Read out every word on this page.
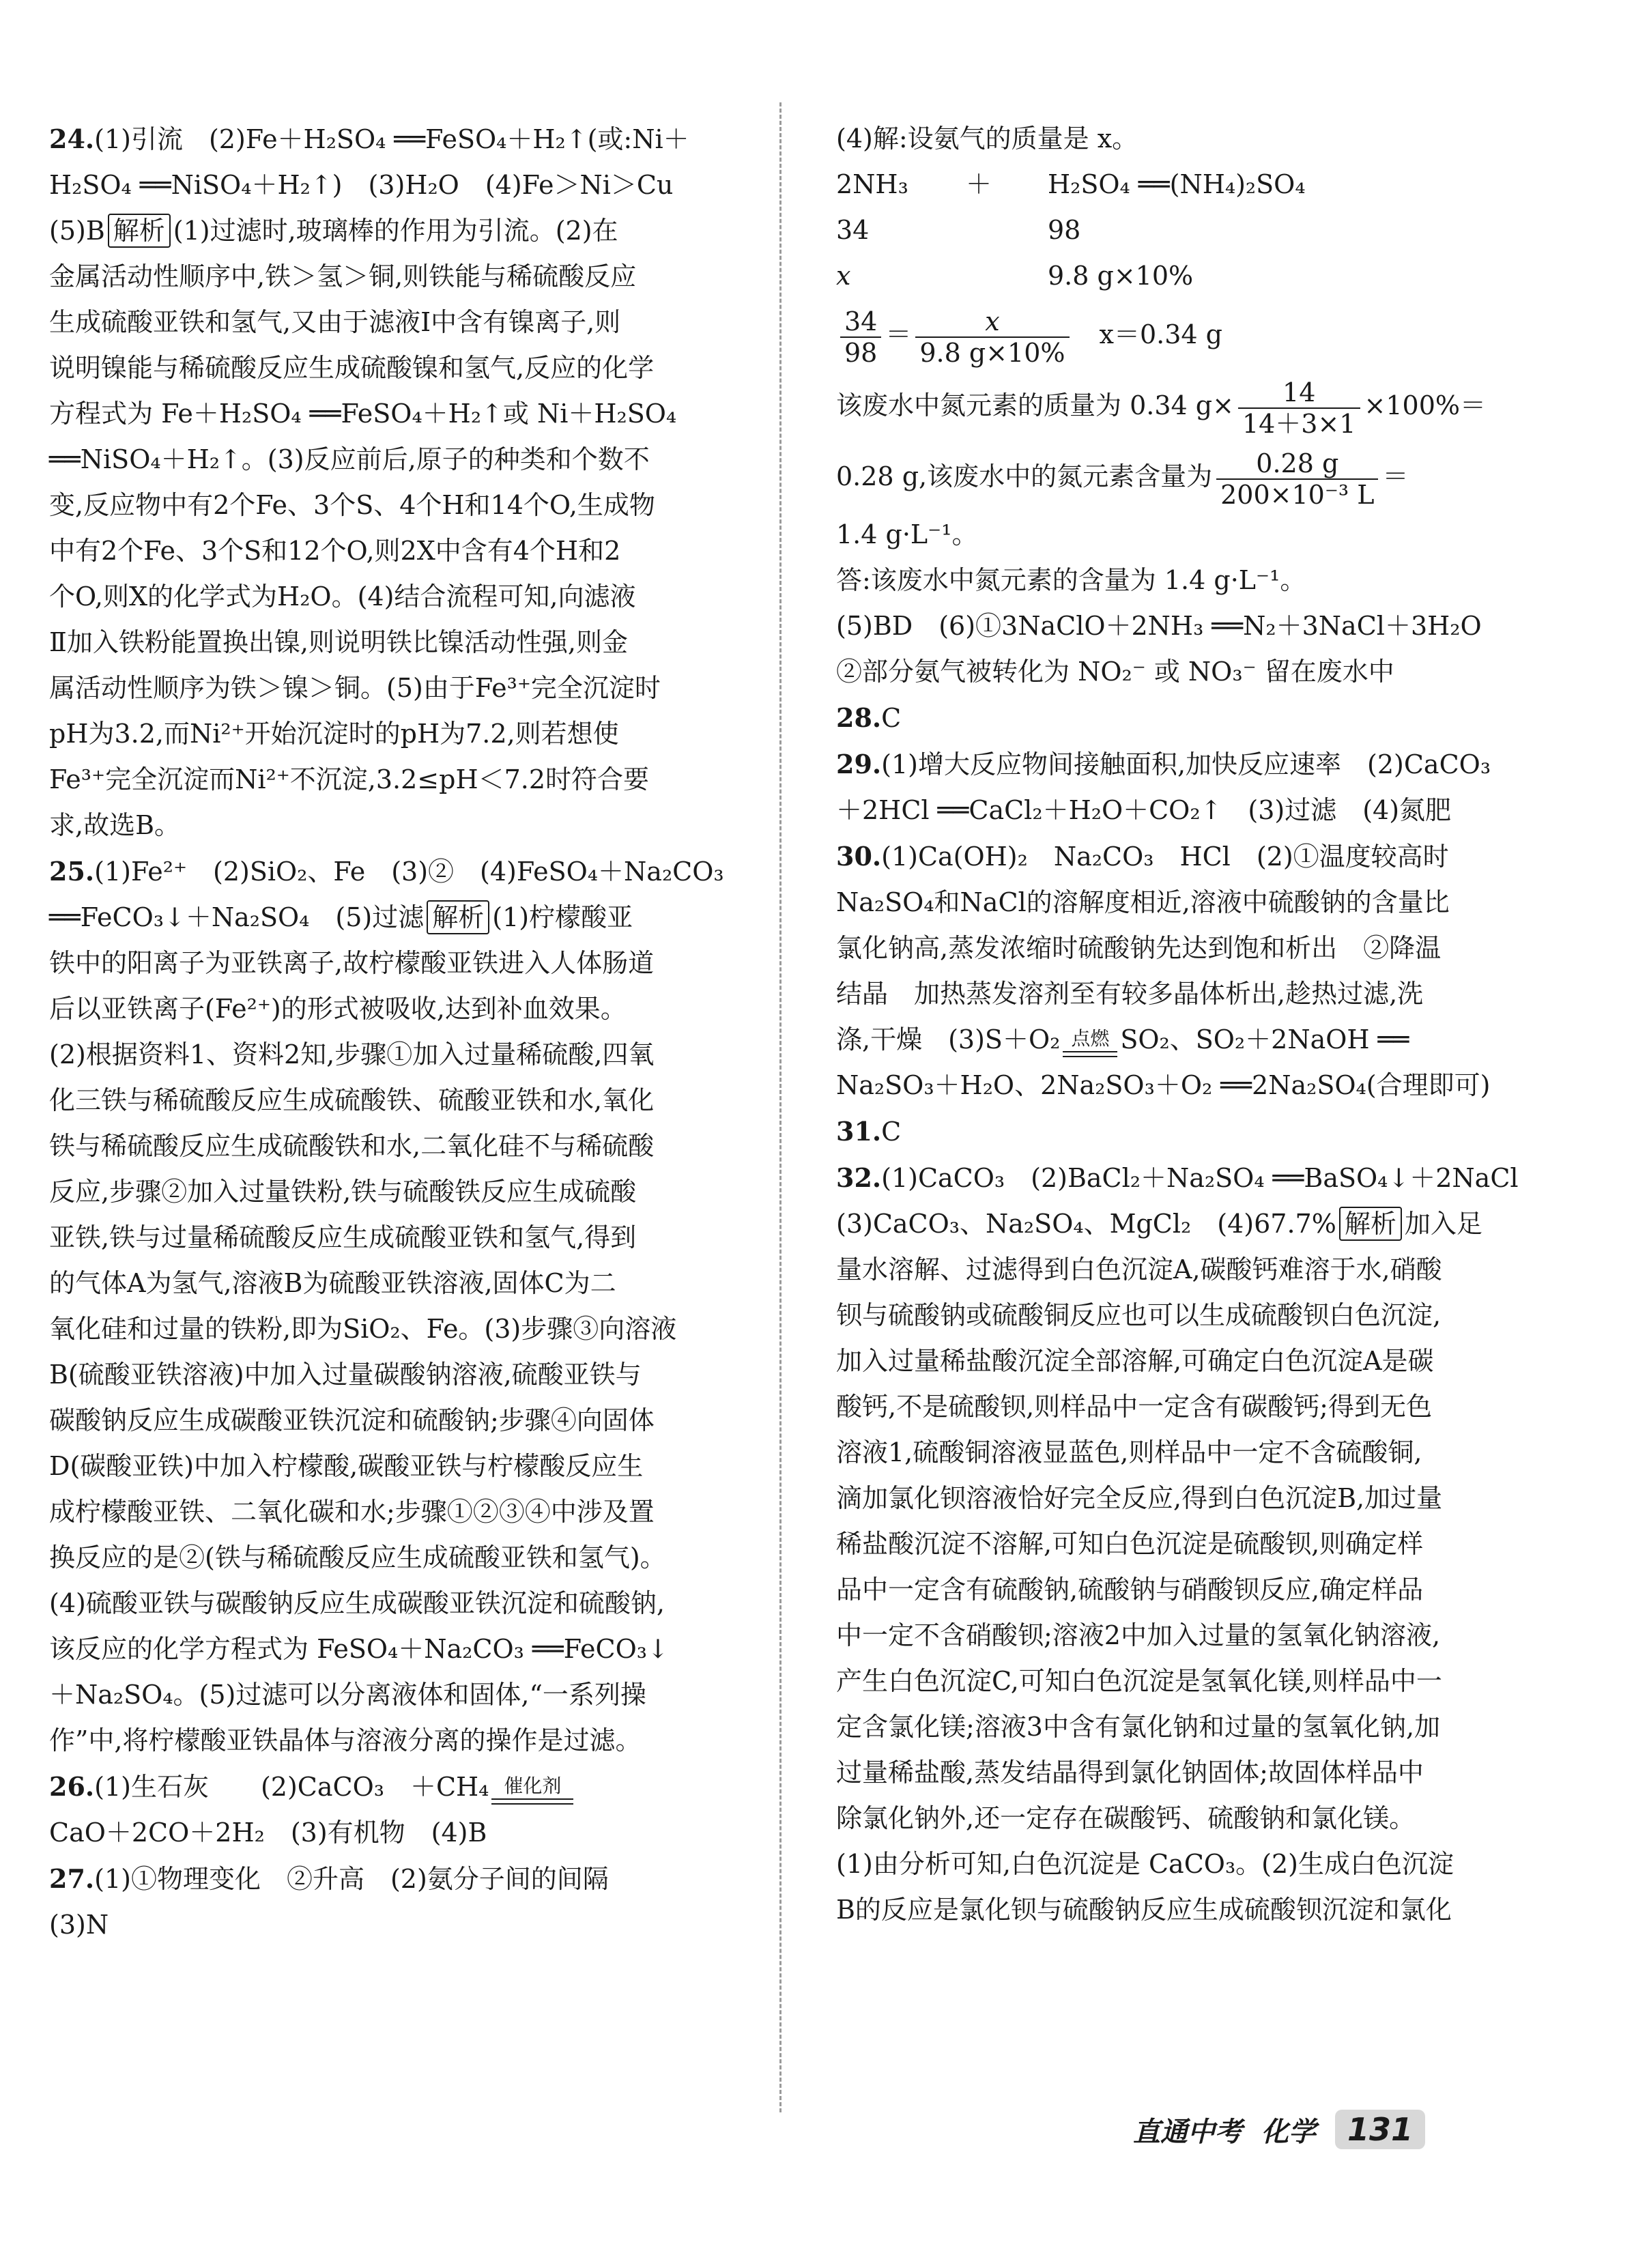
24.(1)引流　(2)Fe＋H₂SO₄ ══FeSO₄＋H₂↑(或:Ni＋

H₂SO₄ ══NiSO₄＋H₂↑)　(3)H₂O　(4)Fe＞Ni＞Cu

(5)B 解析 (1)过滤时,玻璃棒的作用为引流。(2)在

金属活动性顺序中,铁＞氢＞铜,则铁能与稀硫酸反应

生成硫酸亚铁和氢气,又由于滤液Ⅰ中含有镍离子,则

说明镍能与稀硫酸反应生成硫酸镍和氢气,反应的化学

方程式为 Fe＋H₂SO₄ ══FeSO₄＋H₂↑或 Ni＋H₂SO₄

══NiSO₄＋H₂↑。(3)反应前后,原子的种类和个数不

变,反应物中有2个Fe、3个S、4个H和14个O,生成物

中有2个Fe、3个S和12个O,则2X中含有4个H和2

个O,则X的化学式为H₂O。(4)结合流程可知,向滤液

Ⅱ加入铁粉能置换出镍,则说明铁比镍活动性强,则金

属活动性顺序为铁＞镍＞铜。(5)由于Fe³⁺完全沉淀时

pH为3.2,而Ni²⁺开始沉淀时的pH为7.2,则若想使

Fe³⁺完全沉淀而Ni²⁺不沉淀,3.2≤pH＜7.2时符合要

求,故选B。

25.(1)Fe²⁺　(2)SiO₂、Fe　(3)②　(4)FeSO₄＋Na₂CO₃

══FeCO₃↓＋Na₂SO₄　(5)过滤 解析 (1)柠檬酸亚

铁中的阳离子为亚铁离子,故柠檬酸亚铁进入人体肠道

后以亚铁离子(Fe²⁺)的形式被吸收,达到补血效果。

(2)根据资料1、资料2知,步骤①加入过量稀硫酸,四氧

化三铁与稀硫酸反应生成硫酸铁、硫酸亚铁和水,氧化

铁与稀硫酸反应生成硫酸铁和水,二氧化硅不与稀硫酸

反应,步骤②加入过量铁粉,铁与硫酸铁反应生成硫酸

亚铁,铁与过量稀硫酸反应生成硫酸亚铁和氢气,得到

的气体A为氢气,溶液B为硫酸亚铁溶液,固体C为二

氧化硅和过量的铁粉,即为SiO₂、Fe。(3)步骤③向溶液

B(硫酸亚铁溶液)中加入过量碳酸钠溶液,硫酸亚铁与

碳酸钠反应生成碳酸亚铁沉淀和硫酸钠;步骤④向固体

D(碳酸亚铁)中加入柠檬酸,碳酸亚铁与柠檬酸反应生

成柠檬酸亚铁、二氧化碳和水;步骤①②③④中涉及置

换反应的是②(铁与稀硫酸反应生成硫酸亚铁和氢气)。

(4)硫酸亚铁与碳酸钠反应生成碳酸亚铁沉淀和硫酸钠,

该反应的化学方程式为 FeSO₄＋Na₂CO₃ ══FeCO₃↓

＋Na₂SO₄。(5)过滤可以分离液体和固体,“一系列操

作”中,将柠檬酸亚铁晶体与溶液分离的操作是过滤。

26.(1)生石灰　　(2)CaCO₃　＋CH₄ 催化剂

CaO＋2CO＋2H₂　(3)有机物　(4)B

27.(1)①物理变化　②升高　(2)氨分子间的间隔

(3)N

(4)解:设氨气的质量是 x。

2NH₃ ＋ H₂SO₄ ══(NH₄)₂SO₄

34	98

x	9.8 g×10%

$\frac{34}{98} = \frac{x}{9.8 g\times 10\%}$
　 x＝0.34 g

该废水中氮元素的质量为 0.34 $g\times \frac{14}{14+3\times 1} \times 100\%=$

0.28 g,该废水中的氮元素含量为 $\frac{0.28 g}{\text{200×10⁻³ L}}$ ＝

1.4 g·L⁻¹。

答:该废水中氮元素的含量为 1.4 g·L⁻¹。

(5)BD　(6)①3NaClO＋2NH₃ ══N₂＋3NaCl＋3H₂O

②部分氨气被转化为 NO₂⁻ 或 NO₃⁻ 留在废水中

28.C

29.(1)增大反应物间接触面积,加快反应速率　(2)CaCO₃

＋2HCl ══CaCl₂＋H₂O＋CO₂↑　(3)过滤　(4)氮肥

30.(1)Ca(OH)₂　Na₂CO₃　HCl　(2)①温度较高时

Na₂SO₄和NaCl的溶解度相近,溶液中硫酸钠的含量比

氯化钠高,蒸发浓缩时硫酸钠先达到饱和析出　②降温

结晶　加热蒸发溶剂至有较多晶体析出,趁热过滤,洗

涤,干燥　(3)S＋O₂ 点燃 SO₂、SO₂＋2NaOH ══

Na₂SO₃＋H₂O、2Na₂SO₃＋O₂ ══2Na₂SO₄(合理即可)

31.C

32.(1)CaCO₃　(2)BaCl₂＋Na₂SO₄ ══BaSO₄↓＋2NaCl

(3)CaCO₃、Na₂SO₄、MgCl₂　(4)67.7% 解析 加入足

量水溶解、过滤得到白色沉淀A,碳酸钙难溶于水,硝酸

钡与硫酸钠或硫酸铜反应也可以生成硫酸钡白色沉淀,

加入过量稀盐酸沉淀全部溶解,可确定白色沉淀A是碳

酸钙,不是硫酸钡,则样品中一定含有碳酸钙;得到无色

溶液1,硫酸铜溶液显蓝色,则样品中一定不含硫酸铜,

滴加氯化钡溶液恰好完全反应,得到白色沉淀B,加过量

稀盐酸沉淀不溶解,可知白色沉淀是硫酸钡,则确定样

品中一定含有硫酸钠,硫酸钠与硝酸钡反应,确定样品

中一定不含硝酸钡;溶液2中加入过量的氢氧化钠溶液,

产生白色沉淀C,可知白色沉淀是氢氧化镁,则样品中一

定含氯化镁;溶液3中含有氯化钠和过量的氢氧化钠,加

过量稀盐酸,蒸发结晶得到氯化钠固体;故固体样品中

除氯化钠外,还一定存在碳酸钙、硫酸钠和氯化镁。

(1)由分析可知,白色沉淀是 CaCO₃。(2)生成白色沉淀

B的反应是氯化钡与硫酸钠反应生成硫酸钡沉淀和氯化

直通中考 化学	131
